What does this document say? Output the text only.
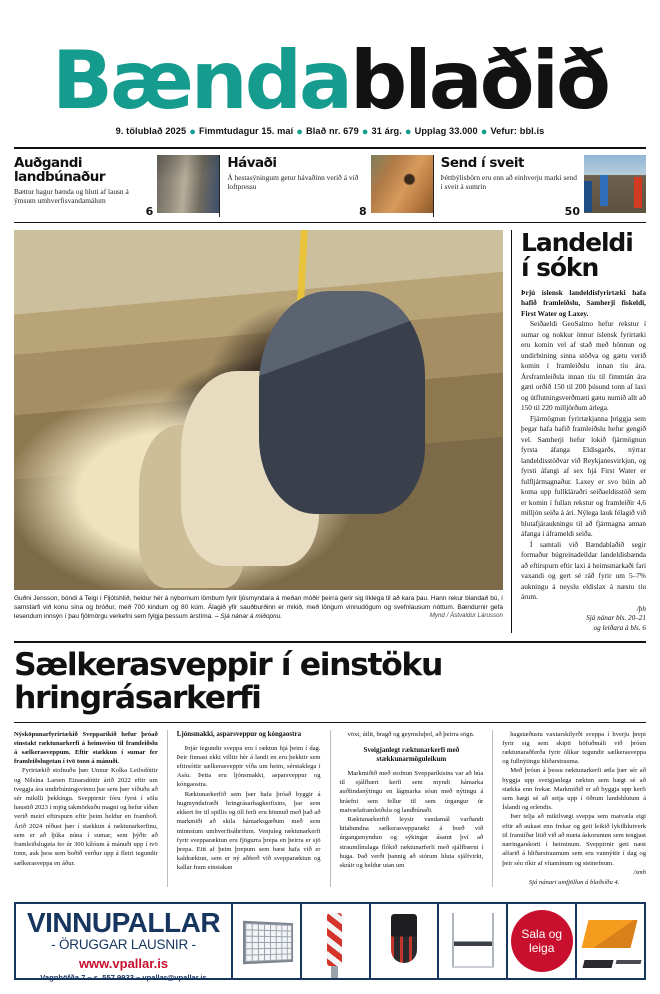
Bændablaðið
9. tölublað 2025 ● Fimmtudagur 15. maí ● Blað nr. 679 ● 31 árg. ● Upplag 33.000 ● Vefur: bbl.is
Auðgandi landbúnaður
Bættur hagur bænda og hluti af lausn á ýmsum umhverfisvandamálum
6
Hávaði
Á hestasýningum getur hávaðinn verið á við loftpressu
8
Send í sveit
Þéttbýlisbörn eru enn að einhverju marki send í sveit á sumrin
50
Guðni Jensson, bóndi á Teigi í Fljótshlíð, heldur hér á nýbornum lömbum fyrir ljósmyndara á meðan móðir þeirra gerir sig líklega til að kara þau. Hann rekur blandað bú, í samstarfi við konu sína og bróður, með 700 kindum og 80 kúm. Álagið yfir sauðburðinn er mikið, með löngum vinnudögum og svefnlausum nóttum. Bændurnir gefa lesendum innsýn í þau fjölmörgu verkefni sem fylgja þessum árstíma. – Sjá nánar á miðopnu.	Mynd / Ástvaldur Lárusson
Landeldi
í sókn

Þrjú íslensk landeldisfyrirtæki hafa hafið framleiðslu, Samherji fiskeldi, First Water og Laxey.

Seiðaeldi GeoSalmo hefur rekstur í sumar og nokkur önnur íslensk fyrirtæki eru komin vel af stað með hönnun og undirbúning sinna stöðva og gætu verið komin í framleiðslu innan tíu ára. Ársframleiðsla innan tíu til fimmtán ára gæti orðið 150 til 200 þúsund tonn af laxi og útflutningsverðmæti gætu numið allt að 150 til 220 milljörðum árlega.

Fjármögnun fyrirtækjanna þriggja sem þegar hafa hafið framleiðslu hefur gengið vel. Samherji hefur lokið fjármögnun fyrsta áfanga Eldisgarðs, nýrrar landeldisstöðvar við Reykjanesvirkjun, og fyrsti áfangi af sex hjá First Water er fulfljármagnaður. Laxey er svo búin að koma upp fullkláraðri seiðaeldisstöð sem er komin í fullan rekstur og framleiðir 4,6 milljón seiða á ári. Nýlega lauk félagið við hlutafjáraukningu til að fjármagna annan áfanga í áframeldi seiða.

Í samtali við Bændablaðið segir formaður búgreinadeildar landeldisbænda að eftirspurn eftir laxi á heimsmarkaði fari vaxandi og gert sé ráð fyrir um 5–7% aukningu á neyslu eldislax á næstu tíu árum.

/þh
Sjá nánar bls. 20–21
og leiðara á bls. 6
Sælkerasveppir í einstöku hringrásarkerfi

Nýsköpunarfyrirtækið Svepparíkið hefur þróað einstakt ræktunarkerfi á heimsvísu til framleiðslu á sælkerasveppum. Eftir stækkun í sumar fer framleiðslugetan í tvö tonn á mánuði.

Fyrirtækið stofnuðu þær Unnur Kolka Leifsdóttir og Nilsína Larsen Einarsdóttir árið 2022 eftir um tveggja ára undirbúningsvinnu þar sem þær víðuðu að sér mikilli þekkingu. Sveppirnir fóru fyrst í sölu haustið 2023 í mjög takmörkuðu magni og hefur síðan verið meiri eftirspurn eftir þeim heldur en framboð. Árið 2024 réðust þær í stækkun á ræktunarkerfinu, sem er að ljúka núna í sumar, sem þýðir að framleiðslugeta fer úr 300 kílóum á mánuði upp í tvö tonn, auk þess sem boðið verður upp á fleiri tegundir sælkerasveppa en áður.

Ljónsmakki, asparsveppur og kóngaostra

Þrjár tegundir sveppa eru í ræktun hjá þeim í dag. Þeir finnast ekki villtir hér á landi en eru þekktir sem eftirsóttir sælkerasveppir víða um heim, sérstaklega í Asíu. Þetta eru ljónsmakki, asparsveppur og kóngaostra.

Ræktunarkerfið sem þær hafa þróað byggir á hugmyndafræði hringrásarhagkerfisins, þar sem ekkert fer til spillis og öll ferli eru hönnuð með það að markmiði að skila hámarksgæðum með sem minnstum umhverfisáhrifum. Venjuleg ræktunarkerfi fyrir svepparæktun eru fjögurra þrepa en þeirra er sjö þrepa. Eitt af þeim þrepum sem bæst hafa við er kaldræktun, sem er ný aðferð við svepparæktun og kallar fram einstakan

vöxt, útlit, bragð og geymsluþol, að þeirra sögn.

Sveigjanlegt ræktunarkerfi með stækkunarmöguleikum

Markmiðið með stofnun Svepparíkisins var að búa til sjálfbært kerfi sem myndi hámarka auðlindanýtingu en lágmarka sóun með nýtingu á hráefni sem fellur til sem úrgangur úr matvælaframleiðslu og landbúnaði.

Ræktunarkerfið leysir vandamál varðandi hitabundna sælkerasvepparækt á borð við úrgangsmyndun og sýkingar ásamt því að straumlínulaga flókið ræktunarferli með sjálfbærni í huga. Það verði þannig að stórum hluta sjálfvirkt, skráir og heldur utan um

hagstæðustu vaxtarskilyrði sveppa í hverju þrepi fyrir sig sem skipti höfuðmáli við þróun ræktunaraðferða fyrir ólíkar tegundir sælkerasveppa og fullnýtingu hliðarstrauma.

Með þróun á þessu ræktunarkerfi ætla þær sér að byggja upp sveigjanlega ræktun sem hægt sé að stækka enn frekar. Markmiðið er að byggja upp kerfi sem hægt sé að setja upp í öðrum landshlutum á Íslandi og erlendis.

Þær telja að mikilvægi sveppa sem matvæla eigi eftir að aukast enn frekar og geti leikið lykilhlutverk til framtíðar litið við að mæta áskorunum sem tengjast næringarskorti í heiminum. Sveppirnir geti næst alfarið á hliðarstraumum sem eru vannýttir í dag og þeir séu ríkir af vítamínum og steinefnum.

/smh
Sjá nánari umfjöllun á blaðsíðu 4.
VINNUPALLAR
- ÖRUGGAR LAUSNIR -
www.vpallar.is
Vagnhöfða 7 – s. 557 9933 – vpallar@vpallar.is
Sala og
leiga
